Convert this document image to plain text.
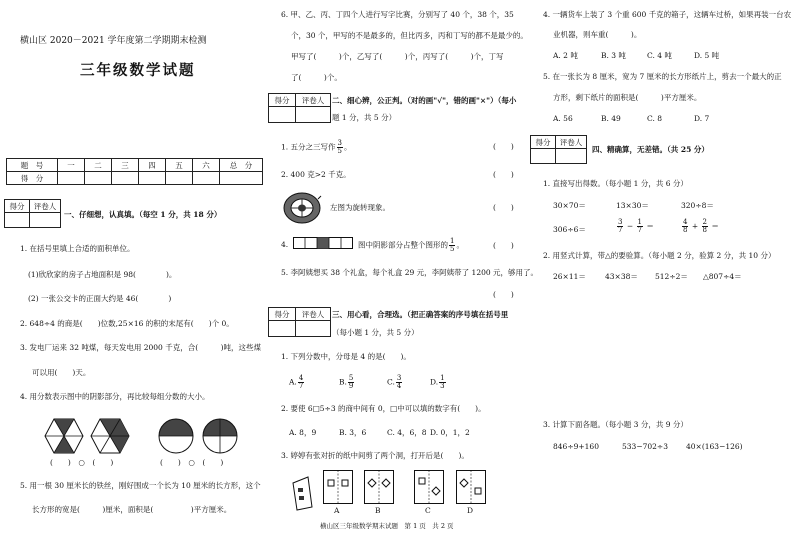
横山区 2020－2021 学年度第二学期期末检测
三年级数学试题
题　号	一	二	三	四	五	六	总　分
得　分							
得分	评卷人

一、仔细想，认真填。（每空 1 分，共 18 分）
1. 在括号里填上合适的面积单位。
(1)欣欣家的房子占地面积是 98(　　　　)。
(2) 一张公交卡的正面大约是 46(　　　　)
2. 648÷4 的商是(　　)位数,25×16 的积的末尾有(　　)个 0。
3. 发电厂运来 32 吨煤，每天发电用 2000 千克，合(　　　)吨，这些煤
可以用(　　)天。
4. 用分数表示图中的阴影部分，再比较每组分数的大小。
(　　)　○　(　　)	(　　)　○　(　　)
5. 用一根 30 厘米长的铁丝，刚好围成一个长为 10 厘米的长方形，这个
长方形的宽是(　　　)厘米，面积是(　　　　　)平方厘米。
6. 甲、乙、丙、丁四个人进行写字比赛，分别写了 40 个，38 个，35
个，30 个，甲写的不是最多的，但比丙多，丙和丁写的都不是最少的。
甲写了(　　　)个，乙写了(　　　)个，丙写了(　　　)个，丁写
了(　　　)个。
得分	评卷人
	二、细心辨，公正判。（对的画"√"，错的画"×"）（每小
题 1 分，共 5 分）
1. 五分之三写作 $\frac{3}{5}$ 。	(　　)
2. 400 克>2 千克。	(　　)
左图为旋转现象。	(　　)
4.	图中阴影部分占整个图形的 $\frac{1}{5}$ 。	(　　)
5. 李阿姨想买 38 个礼盒，每个礼盒 29 元，李阿姨带了 1200 元，够用了。
(　　)
得分	评卷人
	三、用心看，合理选。（把正确答案的序号填在括号里
（每小题 1 分，共 5 分）
1. 下列分数中，分母是 4 的是(　　)。
A. $\frac{4}{7}$	B. $\frac{5}{9}$	C. $\frac{3}{4}$	D. $\frac{1}{3}$
2. 要使 6□5÷3 的商中间有 0，□中可以填的数字有(　　)。
A. 8，9	B. 3，6	C. 4，6，8 D. 0，1，2
3. 婷婷有张对折的纸中间剪了两个洞，打开后是(　　)。
A	B	C	D
横山区三年级数学期末试题　第 1 页　共 2 页
4. 一辆货车上装了 3 个重 600 千克的箱子，这辆车过桥，如果再装一台农
业机器，则车重(　　　)。
A. 2 吨	B. 3 吨	C. 4 吨	D. 5 吨
5. 在一张长为 8 厘米，宽为 7 厘米的长方形纸片上，剪去一个最大的正
方形，剩下纸片的面积是(　　　)平方厘米。
A. 56	B. 49	C. 8	D. 7
得分	评卷人

四、精确算，无差错。（共 25 分）
1. 直接写出得数。（每小题 1 分，共 6 分）
30×70＝	13×30＝	320÷8＝
306÷6＝	$\frac{3}{7} - \frac{1}{7}$ ＝	$\frac{4}{8} + \frac{2}{8}$ ＝
2. 用竖式计算，带△的要验算。（每小题 2 分，验算 2 分，共 10 分）
26×11＝	43×38＝ 512÷2＝ △807÷4＝
3. 计算下面各题。（每小题 3 分，共 9 分）
846÷9+160	533−702÷3 40×(163−126)
